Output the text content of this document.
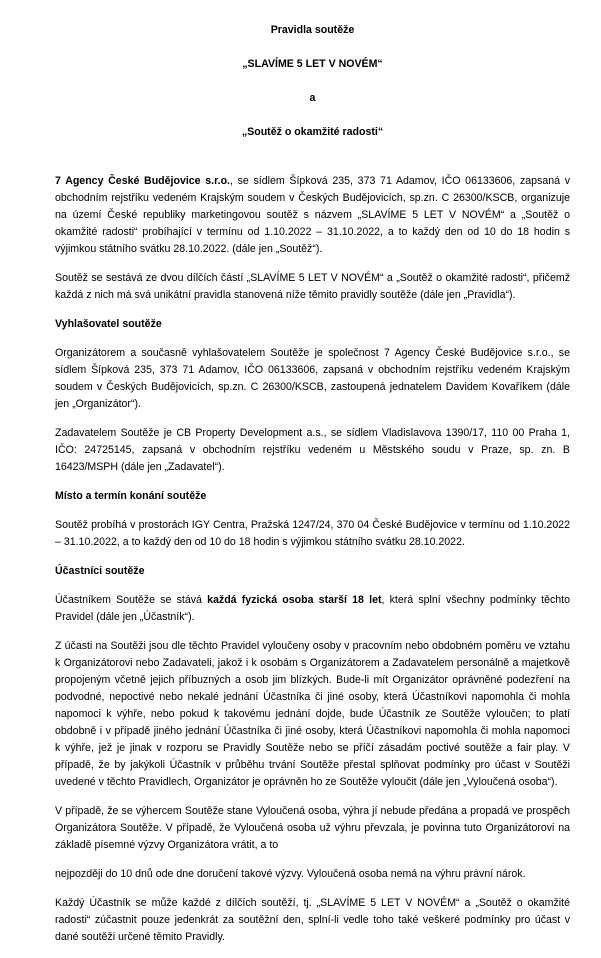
Pravidla soutěže
„SLAVÍME 5 LET V NOVÉM“
a
„Soutěž o okamžité radosti“

7 Agency České Budějovice s.r.o., se sídlem Šípková 235, 373 71 Adamov, IČO 06133606, zapsaná v obchodním rejstříku vedeném Krajským soudem v Českých Budějovicích, sp.zn. C 26300/KSCB, organizuje na území České republiky marketingovou soutěž s názvem „SLAVÍME 5 LET V NOVÉM“ a „Soutěž o okamžité radosti“ probíhající v termínu od 1.10.2022 – 31.10.2022, a to každý den od 10 do 18 hodin s výjimkou státního svátku 28.10.2022. (dále jen „Soutěž“).

Soutěž se sestává ze dvou dílčích částí „SLAVÍME 5 LET V NOVÉM“ a „Soutěž o okamžité radosti“, přičemž každá z nich má svá unikátní pravidla stanovená níže těmito pravidly soutěže (dále jen „Pravidla“).

Vyhlašovatel soutěže

Organizátorem a současně vyhlašovatelem Soutěže je společnost 7 Agency České Budějovice s.r.o., se sídlem Šípková 235, 373 71 Adamov, IČO 06133606, zapsaná v obchodním rejstříku vedeném Krajským soudem v Českých Budějovicích, sp.zn. C 26300/KSCB, zastoupená jednatelem Davidem Kovaříkem (dále jen „Organizátor“).

Zadavatelem Soutěže je CB Property Development a.s., se sídlem Vladislavova 1390/17, 110 00 Praha 1, IČO: 24725145, zapsaná v obchodním rejstříku vedeném u Městského soudu v Praze, sp. zn. B 16423/MSPH (dále jen „Zadavatel“).

Místo a termín konání soutěže

Soutěž probíhá v prostorách IGY Centra, Pražská 1247/24, 370 04 České Budějovice v termínu od 1.10.2022 – 31.10.2022, a to každý den od 10 do 18 hodin s výjimkou státního svátku 28.10.2022.

Účastníci soutěže

Účastníkem Soutěže se stává každá fyzická osoba starší 18 let, která splní všechny podmínky těchto Pravidel (dále jen „Účastník“).

Z účasti na Soutěži jsou dle těchto Pravidel vyloučeny osoby v pracovním nebo obdobném poměru ve vztahu k Organizátorovi nebo Zadavateli, jakož i k osobám s Organizátorem a Zadavatelem personálně a majetkově propojeným včetně jejich příbuzných a osob jim blízkých. Bude-li mít Organizátor oprávněné podezření na podvodné, nepoctivé nebo nekalé jednání Účastníka či jiné osoby, která Účastníkovi napomohla či mohla napomoci k výhře, nebo pokud k takovému jednání dojde, bude Účastník ze Soutěže vyloučen; to platí obdobně i v případě jiného jednání Účastníka či jiné osoby, která Účastníkovi napomohla či mohla napomoci k výhře, jež je jinak v rozporu se Pravidly Soutěže nebo se příčí zásadám poctivé soutěže a fair play. V případě, že by jakýkoli Účastník v průběhu trvání Soutěže přestal splňovat podmínky pro účast v Soutěži uvedené v těchto Pravidlech, Organizátor je oprávněn ho ze Soutěže vyloučit (dále jen „Vyloučená osoba“).

V případě, že se výhercem Soutěže stane Vyloučená osoba, výhra jí nebude předána a propadá ve prospěch Organizátora Soutěže. V případě, že Vyloučená osoba už výhru převzala, je povinna tuto Organizátorovi na základě písemné výzvy Organizátora vrátit, a to

nejpozději do 10 dnů ode dne doručení takové výzvy. Vyloučená osoba nemá na výhru právní nárok.

Každý Účastník se může každé z dílčích soutěží, tj. „SLAVÍME 5 LET V NOVÉM“ a „Soutěž o okamžité radosti“ zúčastnit pouze jedenkrát za soutěžní den, splní-li vedle toho také veškeré podmínky pro účast v dané soutěži určené těmito Pravidly.
